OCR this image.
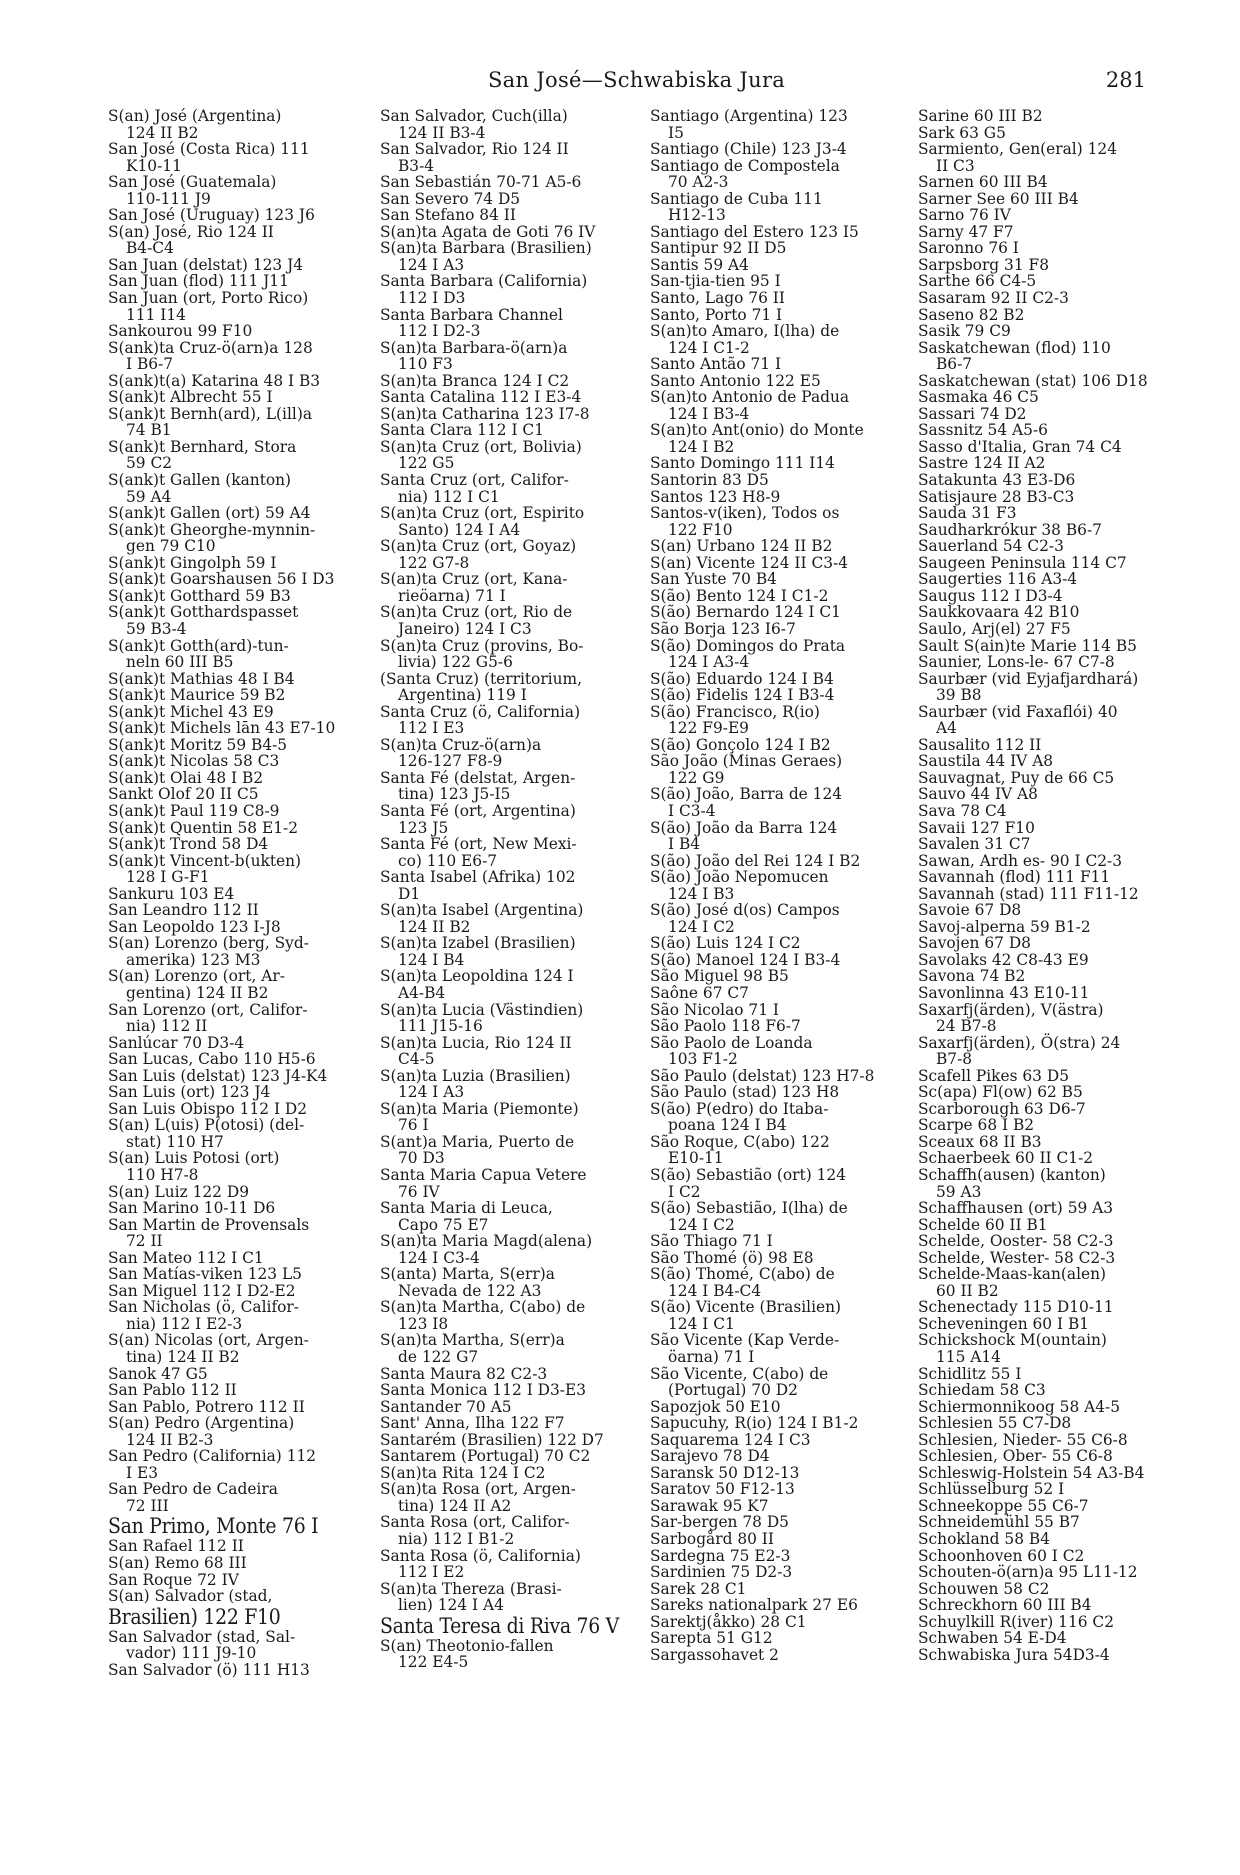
San José—Schwabiska Jura	281
S(an) José (Argentina)
124 II B2
San José (Costa Rica) 111
K10-11
San José (Guatemala)
110-111 J9
San José (Uruguay) 123 J6
S(an) José, Rio 124 II
B4-C4
San Juan (delstat) 123 J4
San Juan (flod) 111 J11
San Juan (ort, Porto Rico)
111 I14
Sankourou 99 F10
S(ank)ta Cruz-ö(arn)a 128
I B6-7
S(ank)t(a) Katarina 48 I B3
S(ank)t Albrecht 55 I
S(ank)t Bernh(ard), L(ill)a
74 B1
S(ank)t Bernhard, Stora
59 C2
S(ank)t Gallen (kanton)
59 A4
S(ank)t Gallen (ort) 59 A4
S(ank)t Gheorghe-mynnin-
gen 79 C10
S(ank)t Gingolph 59 I
S(ank)t Goarshausen 56 I D3
S(ank)t Gotthard 59 B3
S(ank)t Gotthardspasset
59 B3-4
S(ank)t Gotth(ard)-tun-
neln 60 III B5
S(ank)t Mathias 48 I B4
S(ank)t Maurice 59 B2
S(ank)t Michel 43 E9
S(ank)t Michels lān 43 E7-10
S(ank)t Moritz 59 B4-5
S(ank)t Nicolas 58 C3
S(ank)t Olai 48 I B2
Sankt Olof 20 II C5
S(ank)t Paul 119 C8-9
S(ank)t Quentin 58 E1-2
S(ank)t Trond 58 D4
S(ank)t Vincent-b(ukten)
128 I G-F1
Sankuru 103 E4
San Leandro 112 II
San Leopoldo 123 I-J8
S(an) Lorenzo (berg, Syd-
amerika) 123 M3
S(an) Lorenzo (ort, Ar-
gentina) 124 II B2
San Lorenzo (ort, Califor-
nia) 112 II
Sanlúcar 70 D3-4
San Lucas, Cabo 110 H5-6
San Luis (delstat) 123 J4-K4
San Luis (ort) 123 J4
San Luis Obispo 112 I D2
S(an) L(uis) P(otosi) (del-
stat) 110 H7
S(an) Luis Potosi (ort)
110 H7-8
S(an) Luiz 122 D9
San Marino 10-11 D6
San Martin de Provensals
72 II
San Mateo 112 I C1
San Matías-viken 123 L5
San Miguel 112 I D2-E2
San Nicholas (ö, Califor-
nia) 112 I E2-3
S(an) Nicolas (ort, Argen-
tina) 124 II B2
Sanok 47 G5
San Pablo 112 II
San Pablo, Potrero 112 II
S(an) Pedro (Argentina)
124 II B2-3
San Pedro (California) 112
I E3
San Pedro de Cadeira
72 III
San Primo, Monte 76 I
San Rafael 112 II
S(an) Remo 68 III
San Roque 72 IV
S(an) Salvador (stad,
Brasilien) 122 F10
San Salvador (stad, Sal-
vador) 111 J9-10
San Salvador (ö) 111 H13
San Salvador, Cuch(illa)
124 II B3-4
San Salvador, Rio 124 II
B3-4
San Sebastián 70-71 A5-6
San Severo 74 D5
San Stefano 84 II
S(an)ta Agata de Goti 76 IV
S(an)ta Barbara (Brasilien)
124 I A3
Santa Barbara (California)
112 I D3
Santa Barbara Channel
112 I D2-3
S(an)ta Barbara-ö(arn)a
110 F3
S(an)ta Branca 124 I C2
Santa Catalina 112 I E3-4
S(an)ta Catharina 123 I7-8
Santa Clara 112 I C1
S(an)ta Cruz (ort, Bolivia)
122 G5
Santa Cruz (ort, Califor-
nia) 112 I C1
S(an)ta Cruz (ort, Espirito
Santo) 124 I A4
S(an)ta Cruz (ort, Goyaz)
122 G7-8
S(an)ta Cruz (ort, Kana-
rieöarna) 71 I
S(an)ta Cruz (ort, Rio de
Janeiro) 124 I C3
S(an)ta Cruz (provins, Bo-
livia) 122 G5-6
(Santa Cruz) (territorium,
Argentina) 119 I
Santa Cruz (ö, California)
112 I E3
S(an)ta Cruz-ö(arn)a
126-127 F8-9
Santa Fé (delstat, Argen-
tina) 123 J5-I5
Santa Fé (ort, Argentina)
123 J5
Santa Fé (ort, New Mexi-
co) 110 E6-7
Santa Isabel (Afrika) 102
D1
S(an)ta Isabel (Argentina)
124 II B2
S(an)ta Izabel (Brasilien)
124 I B4
S(an)ta Leopoldina 124 I
A4-B4
S(an)ta Lucia (Västindien)
111 J15-16
S(an)ta Lucia, Rio 124 II
C4-5
S(an)ta Luzia (Brasilien)
124 I A3
S(an)ta Maria (Piemonte)
76 I
S(ant)a Maria, Puerto de
70 D3
Santa Maria Capua Vetere
76 IV
Santa Maria di Leuca,
Capo 75 E7
S(an)ta Maria Magd(alena)
124 I C3-4
S(anta) Marta, S(err)a
Nevada de 122 A3
S(an)ta Martha, C(abo) de
123 I8
S(an)ta Martha, S(err)a
de 122 G7
Santa Maura 82 C2-3
Santa Monica 112 I D3-E3
Santander 70 A5
Sant' Anna, Ilha 122 F7
Santarém (Brasilien) 122 D7
Santarem (Portugal) 70 C2
S(an)ta Rita 124 I C2
S(an)ta Rosa (ort, Argen-
tina) 124 II A2
Santa Rosa (ort, Califor-
nia) 112 I B1-2
Santa Rosa (ö, California)
112 I E2
S(an)ta Thereza (Brasi-
lien) 124 I A4
Santa Teresa di Riva 76 V
S(an) Theotonio-fallen
122 E4-5
Santiago (Argentina) 123
I5
Santiago (Chile) 123 J3-4
Santiago de Compostela
70 A2-3
Santiago de Cuba 111
H12-13
Santiago del Estero 123 I5
Santipur 92 II D5
Santis 59 A4
San-tjia-tien 95 I
Santo, Lago 76 II
Santo, Porto 71 I
S(an)to Amaro, I(lha) de
124 I C1-2
Santo Antão 71 I
Santo Antonio 122 E5
S(an)to Antonio de Padua
124 I B3-4
S(an)to Ant(onio) do Monte
124 I B2
Santo Domingo 111 I14
Santorin 83 D5
Santos 123 H8-9
Santos-v(iken), Todos os
122 F10
S(an) Urbano 124 II B2
S(an) Vicente 124 II C3-4
San Yuste 70 B4
S(ão) Bento 124 I C1-2
S(ão) Bernardo 124 I C1
São Borja 123 I6-7
S(ão) Domingos do Prata
124 I A3-4
S(ão) Eduardo 124 I B4
S(ão) Fidelis 124 I B3-4
S(ão) Francisco, R(io)
122 F9-E9
S(ão) Gonçolo 124 I B2
São João (Minas Geraes)
122 G9
S(ão) João, Barra de 124
I C3-4
S(ão) João da Barra 124
I B4
S(ão) João del Rei 124 I B2
S(ão) João Nepomucen
124 I B3
S(ão) José d(os) Campos
124 I C2
S(ão) Luis 124 I C2
S(ão) Manoel 124 I B3-4
São Miguel 98 B5
Saône 67 C7
São Nicolao 71 I
São Paolo 118 F6-7
São Paolo de Loanda
103 F1-2
São Paulo (delstat) 123 H7-8
São Paulo (stad) 123 H8
S(ão) P(edro) do Itaba-
poana 124 I B4
São Roque, C(abo) 122
E10-11
S(ão) Sebastião (ort) 124
I C2
S(ão) Sebastião, I(lha) de
124 I C2
São Thiago 71 I
São Thomé (ö) 98 E8
S(ão) Thomé, C(abo) de
124 I B4-C4
S(ão) Vicente (Brasilien)
124 I C1
São Vicente (Kap Verde-
öarna) 71 I
São Vicente, C(abo) de
(Portugal) 70 D2
Sapozjok 50 E10
Sapucuhy, R(io) 124 I B1-2
Saquarema 124 I C3
Sarajevo 78 D4
Saransk 50 D12-13
Saratov 50 F12-13
Sarawak 95 K7
Sar-bergen 78 D5
Sarbogård 80 II
Sardegna 75 E2-3
Sardinien 75 D2-3
Sarek 28 C1
Sareks nationalpark 27 E6
Sarektj(åkko) 28 C1
Sarepta 51 G12
Sargassohavet 2
Sarine 60 III B2
Sark 63 G5
Sarmiento, Gen(eral) 124
II C3
Sarnen 60 III B4
Sarner See 60 III B4
Sarno 76 IV
Sarny 47 F7
Saronno 76 I
Sarpsborg 31 F8
Sarthe 66 C4-5
Sasaram 92 II C2-3
Saseno 82 B2
Sasik 79 C9
Saskatchewan (flod) 110
B6-7
Saskatchewan (stat) 106 D18
Sasmaka 46 C5
Sassari 74 D2
Sassnitz 54 A5-6
Sasso d'Italia, Gran 74 C4
Sastre 124 II A2
Satakunta 43 E3-D6
Satisjaure 28 B3-C3
Sauda 31 F3
Saudharkrókur 38 B6-7
Sauerland 54 C2-3
Saugeen Peninsula 114 C7
Saugerties 116 A3-4
Saugus 112 I D3-4
Saukkovaara 42 B10
Saulo, Arj(el) 27 F5
Sault S(ain)te Marie 114 B5
Saunier, Lons-le- 67 C7-8
Saurbær (vid Eyjafjardhará)
39 B8
Saurbær (vid Faxaflói) 40
A4
Sausalito 112 II
Saustila 44 IV A8
Sauvagnat, Puy de 66 C5
Sauvo 44 IV A8
Sava 78 C4
Savaii 127 F10
Savalen 31 C7
Sawan, Ardh es- 90 I C2-3
Savannah (flod) 111 F11
Savannah (stad) 111 F11-12
Savoie 67 D8
Savoj-alperna 59 B1-2
Savojen 67 D8
Savolaks 42 C8-43 E9
Savona 74 B2
Savonlinna 43 E10-11
Saxarfj(ärden), V(ästra)
24 B7-8
Saxarfj(ärden), Ö(stra) 24
B7-8
Scafell Pikes 63 D5
Sc(apa) Fl(ow) 62 B5
Scarborough 63 D6-7
Scarpe 68 I B2
Sceaux 68 II B3
Schaerbeek 60 II C1-2
Schaffh(ausen) (kanton)
59 A3
Schaffhausen (ort) 59 A3
Schelde 60 II B1
Schelde, Ooster- 58 C2-3
Schelde, Wester- 58 C2-3
Schelde-Maas-kan(alen)
60 II B2
Schenectady 115 D10-11
Scheveningen 60 I B1
Schickshock M(ountain)
115 A14
Schidlitz 55 I
Schiedam 58 C3
Schiermonnikoog 58 A4-5
Schlesien 55 C7-D8
Schlesien, Nieder- 55 C6-8
Schlesien, Ober- 55 C6-8
Schleswig-Holstein 54 A3-B4
Schlüsselburg 52 I
Schneekoppe 55 C6-7
Schneidemühl 55 B7
Schokland 58 B4
Schoonhoven 60 I C2
Schouten-ö(arn)a 95 L11-12
Schouwen 58 C2
Schreckhorn 60 III B4
Schuylkill R(iver) 116 C2
Schwaben 54 E-D4
Schwabiska Jura 54D3-4
